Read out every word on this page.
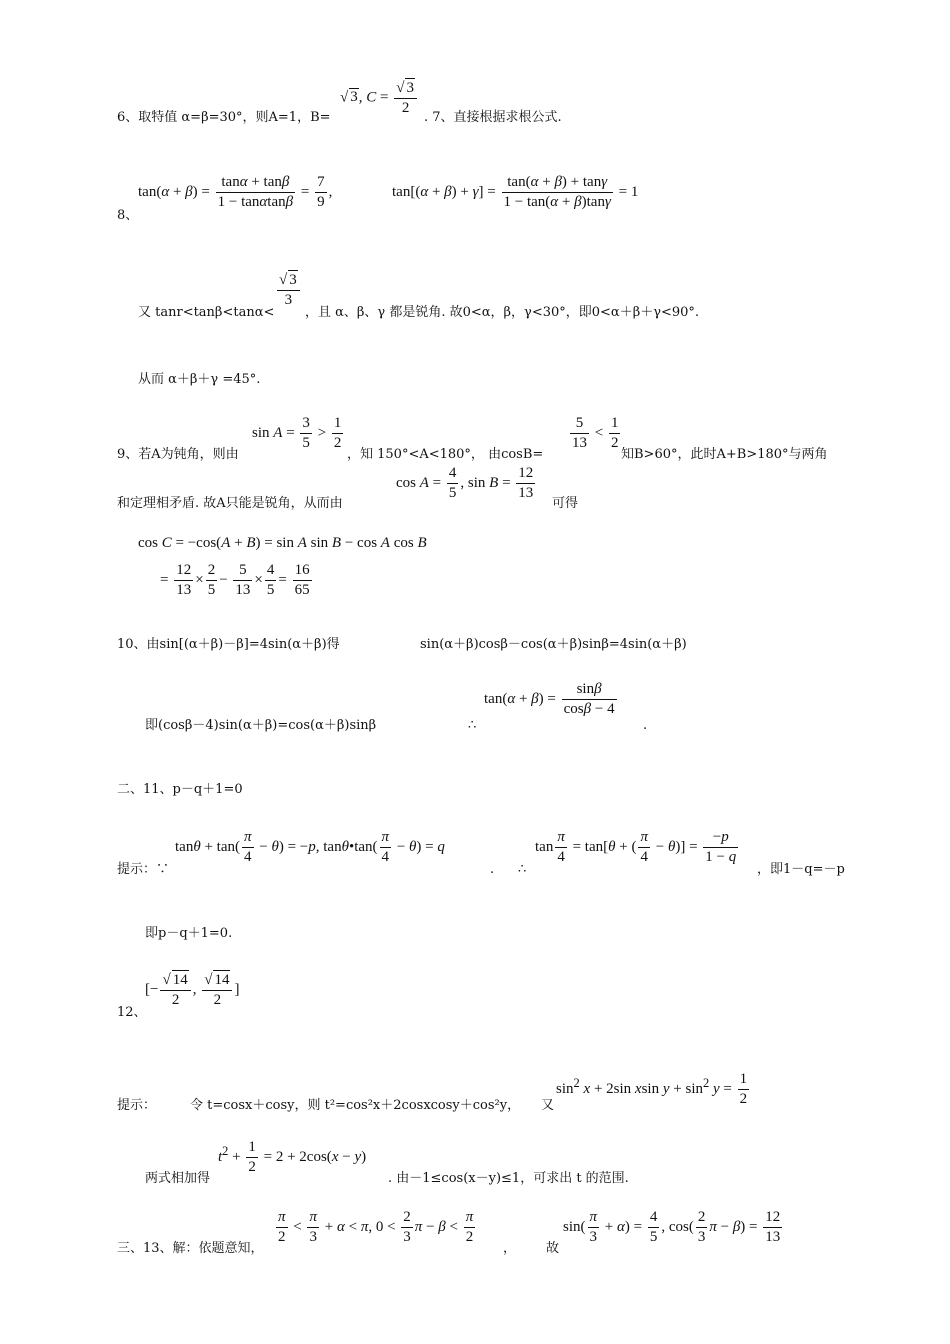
6、取特值 α=β=30°，则A=1，B=
√ 3, $C = \frac{√ 3}{2}$ . 7、直接根据求根公式.
$\tan(\alpha + \beta) = \frac{\tan\alpha + \tan\beta}{1 - \tan\alpha\tan\beta} = \frac{7}{9}$ ,	$\tan[(\alpha + \beta) + \gamma] = \frac{\tan(\alpha + \beta) + \tan\gamma}{1 - \tan(\alpha + \beta)\tan\gamma} = 1$
8、
又 tanr<tanβ<tanα<
$\frac{√ 3}{3}$
，且 α、β、γ 都是锐角. 故0<α，β，γ<30°，即0<α＋β＋γ<90°.
从而 α＋β＋γ =45°.
9、若A为钝角，则由
$\sin A = \frac{3}{5} > \frac{1}{2}$
，知 150°<A<180°， 由cosB=
$\frac{5}{13} < \frac{1}{2}$
知B>60°，此时A+B>180°与两角
和定理相矛盾. 故A只能是锐角，从而由
$\cos A = \frac{4}{5}$ , $\sin B = \frac{12}{13}$
可得
cos C = −cos(A + B) = sin A sin B − cos A cos B
= $\frac{12}{13} \times \frac{2}{5} - \frac{5}{13} \times \frac{4}{5} = \frac{16}{65}$
10、由sin[(α＋β)－β]=4sin(α＋β)得	sin(α＋β)cosβ－cos(α＋β)sinβ=4sin(α＋β)
即(cosβ－4)sin(α＋β)=cos(α＋β)sinβ	∴
$\tan(\alpha + \beta) = \frac{\sin\beta}{\cos\beta - 4}$
.
二、11、p－q＋1=0
提示：∵
$\tan\theta + \tan( \frac{\pi}{4} - \theta) = -p$, tanθ•tan( $\frac{\pi}{4} - \theta) = q$
. ∴
$\tan \frac{\pi}{4} = \tan[\theta$ + ( $\frac{\pi}{4} - \theta)] = \frac{-p}{1 - q}$
，即1－q=－p
即p－q＋1=0.
[− $\frac{√ 14}{2}$ , $\frac{√ 14}{2}$ ]
12、
提示：	令 t=cosx＋cosy，则 t²=cos²x＋2cosxcosy＋cos²y， 又
$\sin^2 x + 2\sin$ xsin $y + \sin^2 y = \frac{1}{2}$
两式相加得
$t^2 + \frac{1}{2} = 2 + 2\cos(x - y)$
. 由－1≤cos(x－y)≤1，可求出 t 的范围.
三、13、解：依题意知，
$\frac{\pi}{2} < \frac{\pi}{3} + \alpha < \pi$, $0 < \frac{2}{3}$ $\pi - \beta < \frac{\pi}{2}$
， 故
$\sin( \frac{\pi}{3} + \alpha) = \frac{4}{5}$ , $\cos( \frac{2}{3}$ $\pi - \beta) = \frac{12}{13}$
